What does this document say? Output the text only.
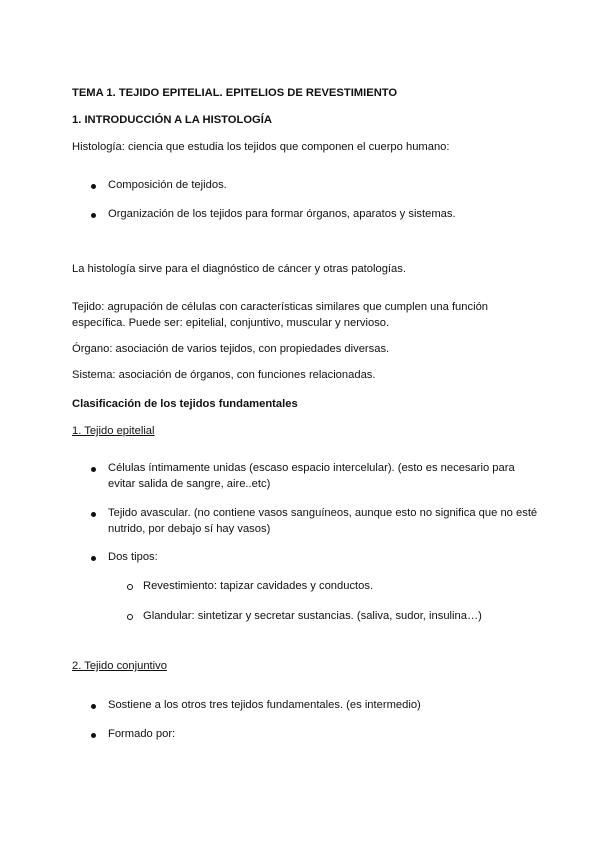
TEMA 1. TEJIDO EPITELIAL. EPITELIOS DE REVESTIMIENTO
1. INTRODUCCIÓN A LA HISTOLOGÍA
Histología: ciencia que estudia los tejidos que componen el cuerpo humano:
Composición de tejidos.
Organización de los tejidos para formar órganos, aparatos y sistemas.
La histología sirve para el diagnóstico de cáncer y otras patologías.
Tejido: agrupación de células con características similares que cumplen una función específica. Puede ser: epitelial, conjuntivo, muscular y nervioso.
Órgano: asociación de varios tejidos, con propiedades diversas.
Sistema: asociación de órganos, con funciones relacionadas.
Clasificación de los tejidos fundamentales
1. Tejido epitelial
Células íntimamente unidas (escaso espacio intercelular). (esto es necesario para evitar salida de sangre, aire..etc)
Tejido avascular. (no contiene vasos sanguíneos, aunque esto no significa que no esté nutrido, por debajo sí hay vasos)
Dos tipos:
Revestimiento: tapizar cavidades y conductos.
Glandular: sintetizar y secretar sustancias. (saliva, sudor, insulina…)
2. Tejido conjuntivo
Sostiene a los otros tres tejidos fundamentales. (es intermedio)
Formado por:
